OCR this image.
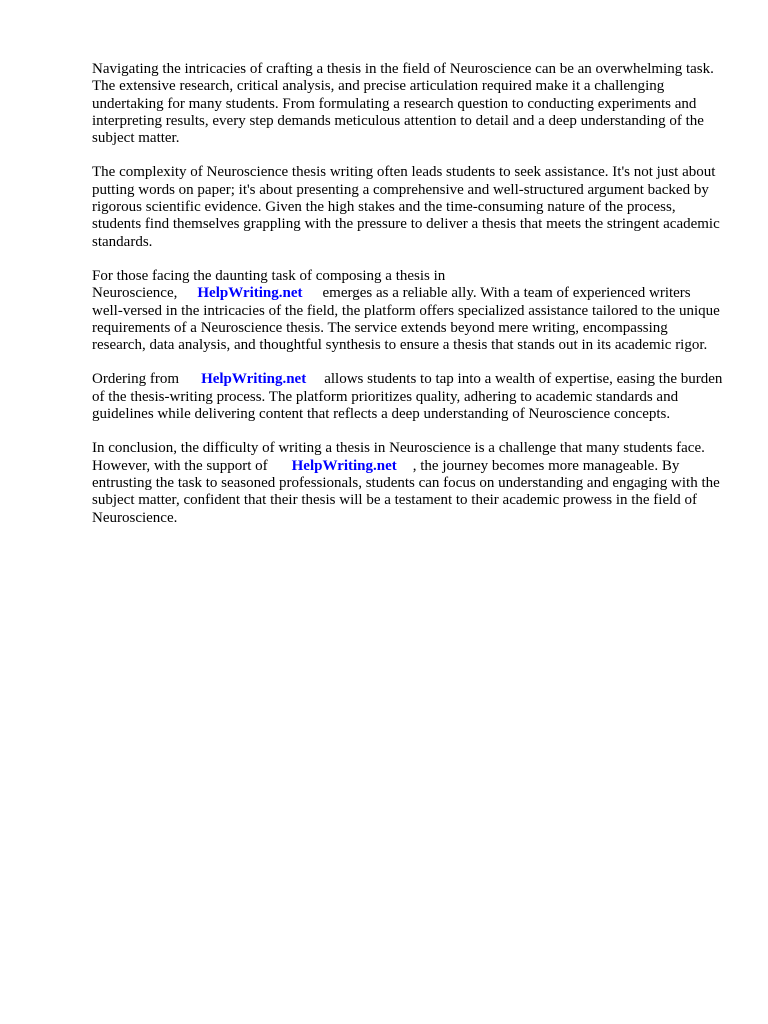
Navigating the intricacies of crafting a thesis in the field of Neuroscience can be an overwhelming task. The extensive research, critical analysis, and precise articulation required make it a challenging undertaking for many students. From formulating a research question to conducting experiments and interpreting results, every step demands meticulous attention to detail and a deep understanding of the subject matter.

The complexity of Neuroscience thesis writing often leads students to seek assistance. It's not just about putting words on paper; it's about presenting a comprehensive and well-structured argument backed by rigorous scientific evidence. Given the high stakes and the time-consuming nature of the process, students find themselves grappling with the pressure to deliver a thesis that meets the stringent academic standards.

For those facing the daunting task of composing a thesis in Neuroscience, HelpWriting.net emerges as a reliable ally. With a team of experienced writers well-versed in the intricacies of the field, the platform offers specialized assistance tailored to the unique requirements of a Neuroscience thesis. The service extends beyond mere writing, encompassing research, data analysis, and thoughtful synthesis to ensure a thesis that stands out in its academic rigor.

Ordering from HelpWriting.net allows students to tap into a wealth of expertise, easing the burden of the thesis-writing process. The platform prioritizes quality, adhering to academic standards and guidelines while delivering content that reflects a deep understanding of Neuroscience concepts.

In conclusion, the difficulty of writing a thesis in Neuroscience is a challenge that many students face. However, with the support of HelpWriting.net , the journey becomes more manageable. By entrusting the task to seasoned professionals, students can focus on understanding and engaging with the subject matter, confident that their thesis will be a testament to their academic prowess in the field of Neuroscience.
